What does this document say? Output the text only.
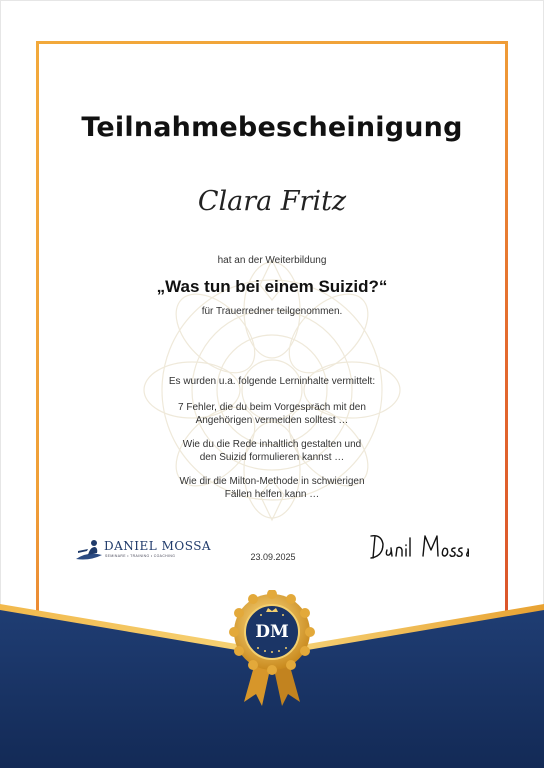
Teilnahmebescheinigung
Clara Fritz
hat an der Weiterbildung
„Was tun bei einem Suizid?“
für Trauerredner teilgenommen.
Es wurden u.a. folgende Lerninhalte vermittelt:
7 Fehler, die du beim Vorgespräch mit den
Angehörigen vermeiden solltest …
Wie du die Rede inhaltlich gestalten und
den Suizid formulieren kannst …
Wie dir die Milton-Methode in schwierigen
Fällen helfen kann …
DANIEL MOSSA
SEMINARE • TRAINING • COACHING	23.09.2025
DM
